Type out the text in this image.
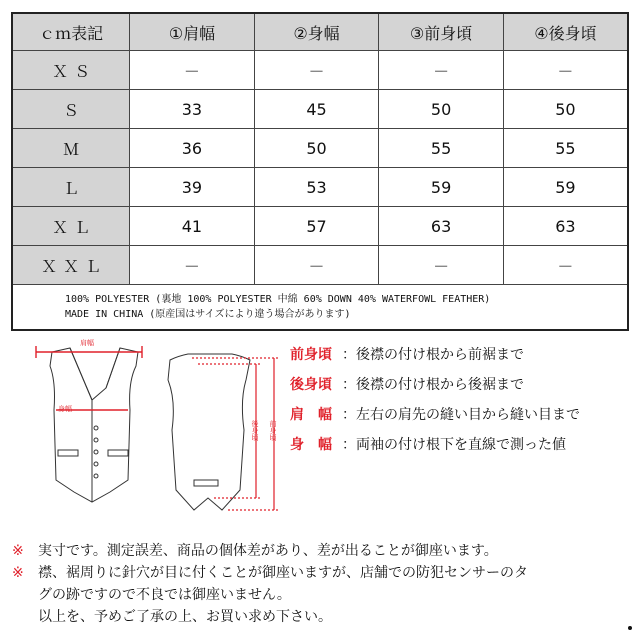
ｃｍ表記	①肩幅	②身幅	③前身頃	④後身頃
ＸＳ	－	－	－	－
Ｓ	33	45	50	50
Ｍ	36	50	55	55
Ｌ	39	53	59	59
ＸＬ	41	57	63	63
ＸＸＬ	－	－	－	－

100% POLYESTER (裏地 100% POLYESTER 中綿 60% DOWN 40% WATERFOWL FEATHER)
MADE IN CHINA (原産国はサイズにより違う場合があります)				
肩幅
身幅
後身頃 前身頃
前身頃 ：後襟の付け根から前裾まで
後身頃 ：後襟の付け根から後裾まで
肩　幅 ：左右の肩先の縫い目から縫い目まで
身　幅 ：両袖の付け根下を直線で測った値
※ 実寸です。測定誤差、商品の個体差があり、差が出ることが御座います。
※ 襟、裾周りに針穴が目に付くことが御座いますが、店舗での防犯センサーのタ
グの跡ですので不良では御座いません。
以上を、予めご了承の上、お買い求め下さい。
